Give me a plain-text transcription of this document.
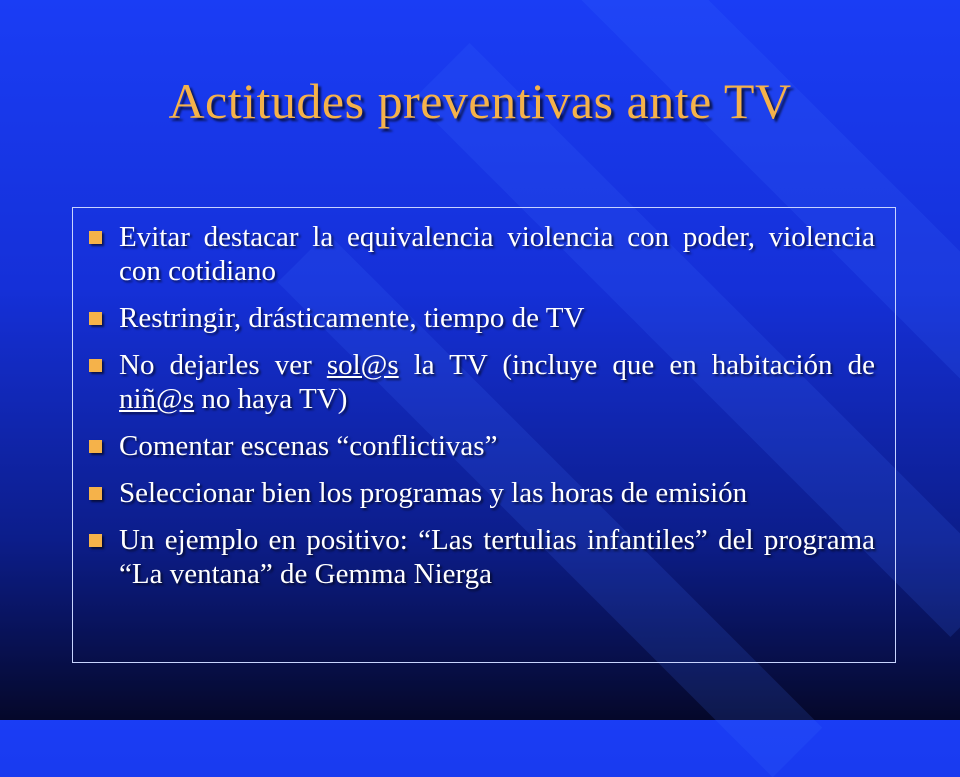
Actitudes preventivas ante TV
Evitar destacar la equivalencia violencia con poder, violencia con cotidiano
Restringir, drásticamente, tiempo de TV
No dejarles ver sol@s la TV (incluye que en habitación de niñ@s no haya TV)
Comentar escenas “conflictivas”
Seleccionar bien los programas y las horas de emisión
Un ejemplo en positivo: “Las tertulias infantiles” del programa “La ventana” de Gemma Nierga
